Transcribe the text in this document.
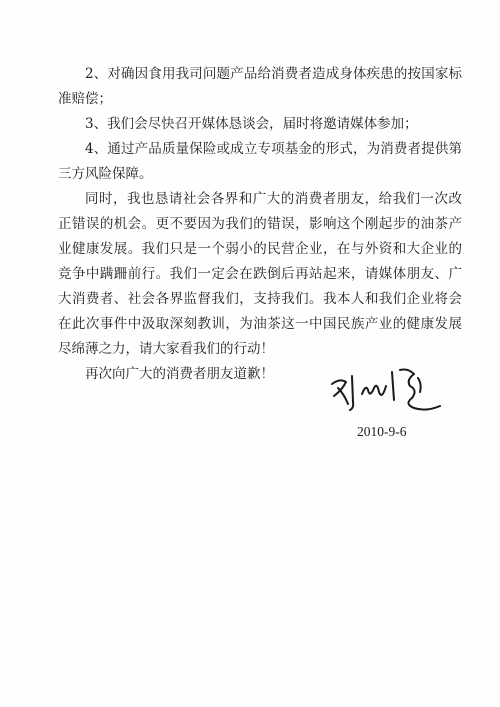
2、对确因食用我司问题产品给消费者造成身体疾患的按国家标准赔偿；

3、我们会尽快召开媒体恳谈会，届时将邀请媒体参加；

4、通过产品质量保险或成立专项基金的形式，为消费者提供第三方风险保障。

同时，我也恳请社会各界和广大的消费者朋友，给我们一次改正错误的机会。更不要因为我们的错误，影响这个刚起步的油茶产业健康发展。我们只是一个弱小的民营企业，在与外资和大企业的竞争中蹒跚前行。我们一定会在跌倒后再站起来，请媒体朋友、广大消费者、社会各界监督我们，支持我们。我本人和我们企业将会在此次事件中汲取深刻教训，为油茶这一中国民族产业的健康发展尽绵薄之力，请大家看我们的行动！

再次向广大的消费者朋友道歉！

2010-9-6
